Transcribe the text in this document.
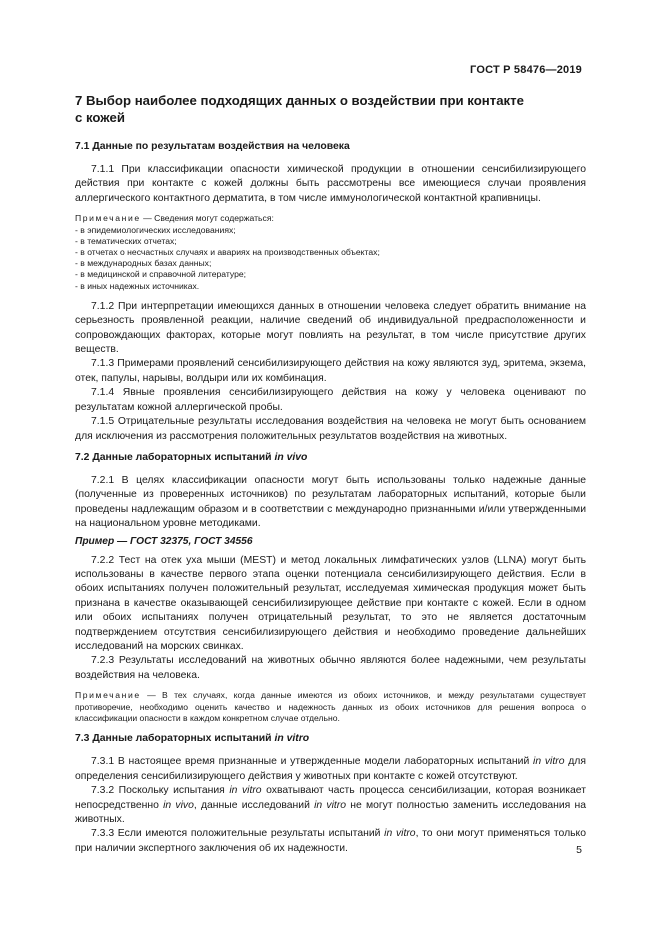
ГОСТ Р 58476—2019
7 Выбор наиболее подходящих данных о воздействии при контакте
с кожей
7.1 Данные по результатам воздействия на человека

7.1.1 При классификации опасности химической продукции в отношении сенсибилизирующего действия при контакте с кожей должны быть рассмотрены все имеющиеся случаи проявления аллергического контактного дерматита, в том числе иммунологической контактной крапивницы.

Примечание — Сведения могут содержаться:
- в эпидемиологических исследованиях;
- в тематических отчетах;
- в отчетах о несчастных случаях и авариях на производственных объектах;
- в международных базах данных;
- в медицинской и справочной литературе;
- в иных надежных источниках.

7.1.2 При интерпретации имеющихся данных в отношении человека следует обратить внимание на серьезность проявленной реакции, наличие сведений об индивидуальной предрасположенности и сопровождающих факторах, которые могут повлиять на результат, в том числе присутствие других веществ.

7.1.3 Примерами проявлений сенсибилизирующего действия на кожу являются зуд, эритема, экзема, отек, папулы, нарывы, волдыри или их комбинация.

7.1.4 Явные проявления сенсибилизирующего действия на кожу у человека оценивают по результатам кожной аллергической пробы.

7.1.5 Отрицательные результаты исследования воздействия на человека не могут быть основанием для исключения из рассмотрения положительных результатов воздействия на животных.

7.2 Данные лабораторных испытаний in vivo

7.2.1 В целях классификации опасности могут быть использованы только надежные данные (полученные из проверенных источников) по результатам лабораторных испытаний, которые были проведены надлежащим образом и в соответствии с международно признанными и/или утвержденными на национальном уровне методиками.

Пример — ГОСТ 32375, ГОСТ 34556

7.2.2 Тест на отек уха мыши (MEST) и метод локальных лимфатических узлов (LLNA) могут быть использованы в качестве первого этапа оценки потенциала сенсибилизирующего действия. Если в обоих испытаниях получен положительный результат, исследуемая химическая продукция может быть признана в качестве оказывающей сенсибилизирующее действие при контакте с кожей. Если в одном или обоих испытаниях получен отрицательный результат, то это не является достаточным подтверждением отсутствия сенсибилизирующего действия и необходимо проведение дальнейших исследований на морских свинках.

7.2.3 Результаты исследований на животных обычно являются более надежными, чем результаты воздействия на человека.

Примечание — В тех случаях, когда данные имеются из обоих источников, и между результатами существует противоречие, необходимо оценить качество и надежность данных из обоих источников для решения вопроса о классификации опасности в каждом конкретном случае отдельно.
7.3 Данные лабораторных испытаний in vitro

7.3.1 В настоящее время признанные и утвержденные модели лабораторных испытаний in vitro для определения сенсибилизирующего действия у животных при контакте с кожей отсутствуют.

7.3.2 Поскольку испытания in vitro охватывают часть процесса сенсибилизации, которая возникает непосредственно in vivo, данные исследований in vitro не могут полностью заменить исследования на животных.

7.3.3 Если имеются положительные результаты испытаний in vitro, то они могут применяться только при наличии экспертного заключения об их надежности.	5
